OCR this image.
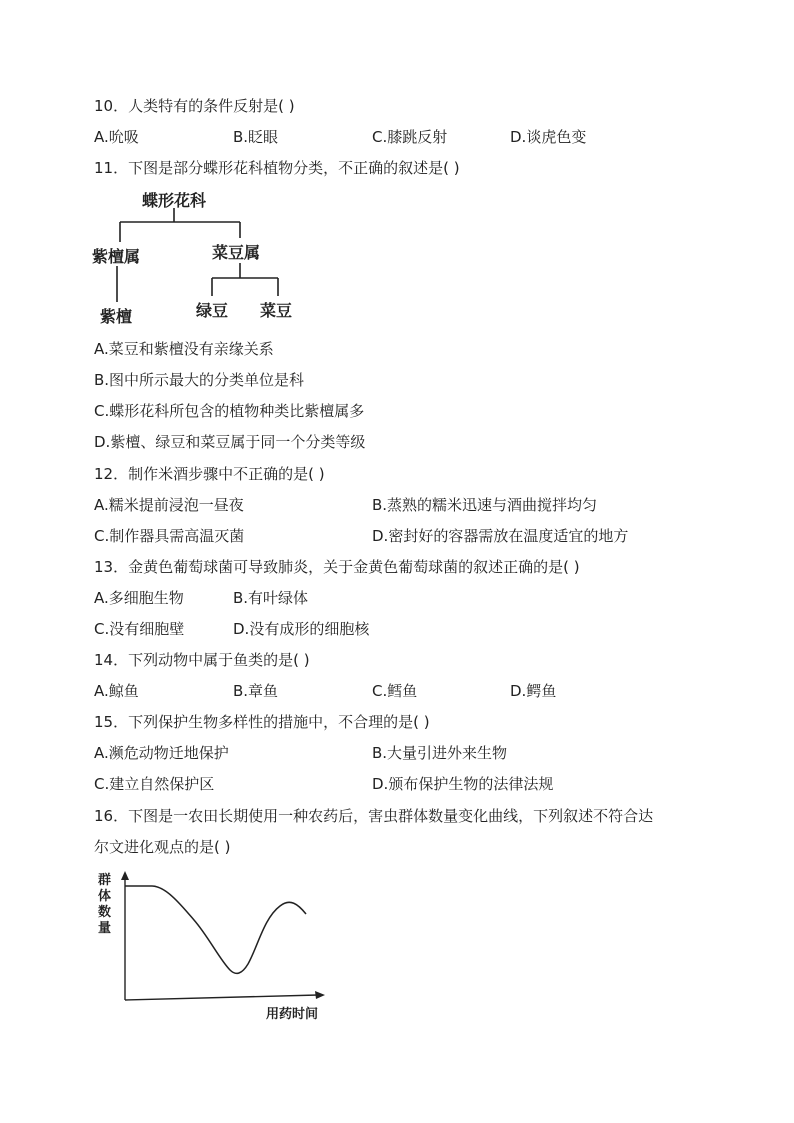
10．人类特有的条件反射是( )
A.吮吸	B.眨眼	C.膝跳反射	D.谈虎色变
11．下图是部分蝶形花科植物分类，不正确的叙述是( )
蝶形花科
紫檀属	菜豆属
紫檀	绿豆 菜豆
A.菜豆和紫檀没有亲缘关系
B.图中所示最大的分类单位是科
C.蝶形花科所包含的植物种类比紫檀属多
D.紫檀、绿豆和菜豆属于同一个分类等级
12．制作米酒步骤中不正确的是( )
A.糯米提前浸泡一昼夜	B.蒸熟的糯米迅速与酒曲搅拌均匀
C.制作器具需高温灭菌	D.密封好的容器需放在温度适宜的地方
13．金黄色葡萄球菌可导致肺炎，关于金黄色葡萄球菌的叙述正确的是( )
A.多细胞生物	B.有叶绿体
C.没有细胞壁	D.没有成形的细胞核
14．下列动物中属于鱼类的是( )
A.鲸鱼	B.章鱼	C.鳕鱼	D.鳄鱼
15．下列保护生物多样性的措施中，不合理的是( )
A.濒危动物迁地保护	B.大量引进外来生物
C.建立自然保护区	D.颁布保护生物的法律法规
16．下图是一农田长期使用一种农药后，害虫群体数量变化曲线，下列叙述不符合达
尔文进化观点的是( )
群
体
数
量
用药时间
